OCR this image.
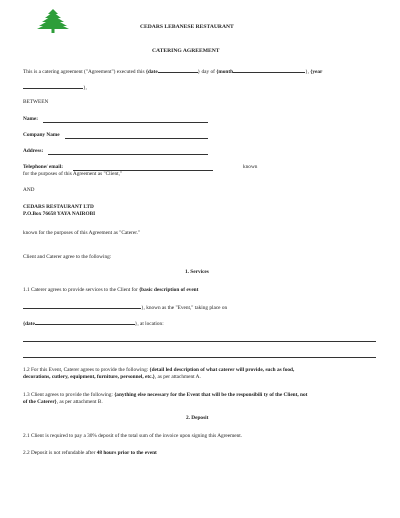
CEDARS LEBANESE RESTAURANT
CATERING AGREEMENT
This is a catering agreement ("Agreement") executed this {date	} day of {month	}, {year
},
BETWEEN
Name:
Company Name
Address:
Telephone/ email:	known
for the purposes of this Agreement as "Client,"
AND
CEDARS RESTAURANT LTD
P.O.Box 76658 YAYA NAIROBI
known for the purposes of this Agreement as "Caterer."
Client and Caterer agree to the following:
1. Services
1.1 Caterer agrees to provide services to the Client for {basic description of event
}, known as the "Event," taking place on
{date	}, at location:
1.2 For this Event, Caterer agrees to provide the following: {detail led description of what caterer will provide, such as food,
decorations, cutlery, equipment, furniture, personnel, etc.}, as per attachment A.
1.3 Client agrees to provide the following: {anything else necessary for the Event that will be the responsibili ty of the Client, not
of the Caterer}, as per attachment B.
2. Deposit
2.1 Client is required to pay a 30% deposit of the total sum of the invoice upon signing this Agreement.
2.2 Deposit is not refundable after 48 hours prior to the event
